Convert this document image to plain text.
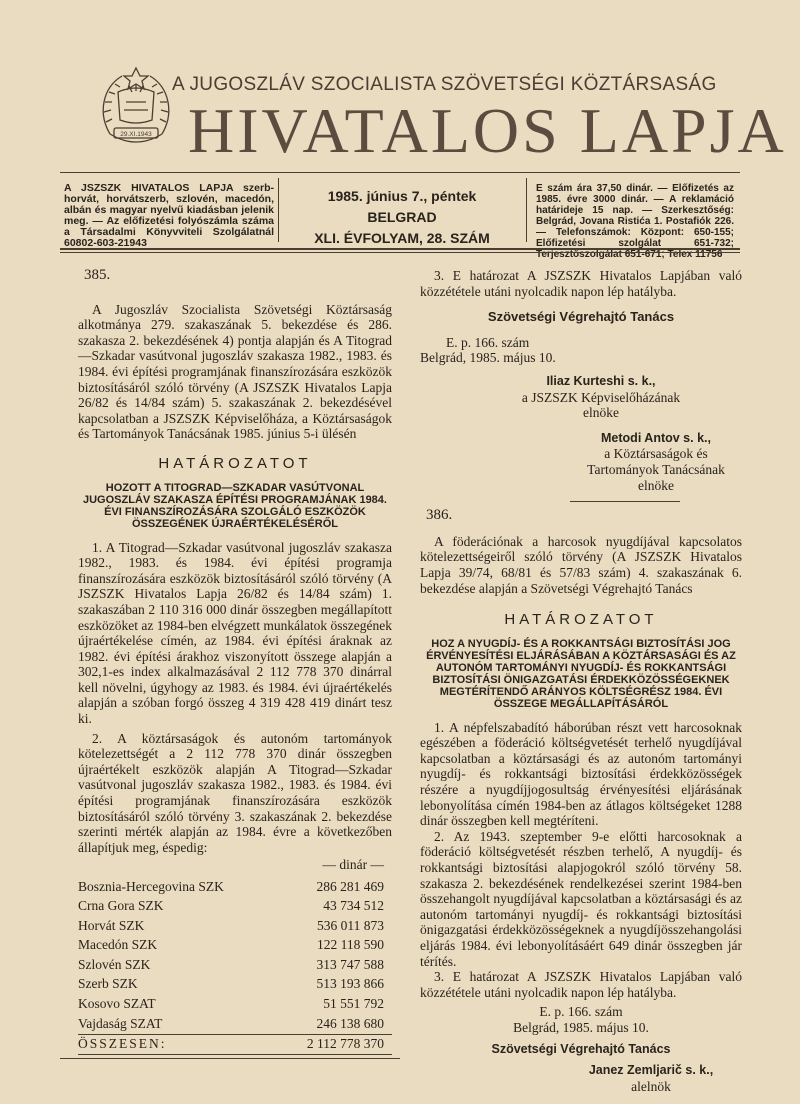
29.XI.1943
A JUGOSZLÁV SZOCIALISTA SZÖVETSÉGI KÖZTÁRSASÁG
HIVATALOS LAPJA
A JSZSZK HIVATALOS LAPJA szerb-horvát, horvátszerb, szlovén, macedón, albán és magyar nyelvű kiadásban jelenik meg. — Az előfizetési folyószámla száma a Társadalmi Könyvviteli Szolgálatnál 60802-603-21943
1985. június 7., péntek
BELGRAD
XLI. ÉVFOLYAM, 28. SZÁM
E szám ára 37,50 dinár. — Előfizetés az 1985. évre 3000 dinár. — A reklamáció határideje 15 nap. — Szerkesztőség: Belgrád, Jovana Ristića 1. Postafiók 226. — Telefonszámok: Központ: 650-155; Előfizetési szolgálat 651-732; Terjesztőszolgálat 651-671; Telex 11756
385.

A Jugoszláv Szocialista Szövetségi Köztársaság alkotmánya 279. szakaszának 5. bekezdése és 286. szakasza 2. bekezdésének 4) pontja alapján és A Titograd—Szkadar vasútvonal jugoszláv szakasza 1982., 1983. és 1984. évi építési programjának finanszírozására eszközök biztosításáról szóló törvény (A JSZSZK Hivatalos Lapja 26/82 és 14/84 szám) 5. szakaszának 2. bekezdésével kapcsolatban a JSZSZK Képviselőháza, a Köztársaságok és Tartományok Tanácsának 1985. június 5-i ülésén

HATÁROZATOT
HOZOTT A TITOGRAD—SZKADAR VASÚTVONAL JUGOSZLÁV SZAKASZA ÉPÍTÉSI PROGRAMJÁNAK 1984. ÉVI FINANSZÍROZÁSÁRA SZOLGÁLÓ ESZKÖZÖK ÖSSZEGÉNEK ÚJRAÉRTÉKELÉSÉRŐL

1. A Titograd—Szkadar vasútvonal jugoszláv szakasza 1982., 1983. és 1984. évi építési programja finanszírozására eszközök biztosításáról szóló törvény (A JSZSZK Hivatalos Lapja 26/82 és 14/84 szám) 1. szakaszában 2 110 316 000 dinár összegben megállapított eszközöket az 1984-ben elvégzett munkálatok összegének újraértékelése címén, az 1984. évi építési áraknak az 1982. évi építési árakhoz viszonyított összege alapján a 302,1-es index alkalmazásával 2 112 778 370 dinárral kell növelni, úgyhogy az 1983. és 1984. évi újraértékelés alapján a szóban forgó összeg 4 319 428 419 dinárt tesz ki.

2. A köztársaságok és autonóm tartományok kötelezettségét a 2 112 778 370 dinár összegben újraértékelt eszközök alapján A Titograd—Szkadar vasútvonal jugoszláv szakasza 1982., 1983. és 1984. évi építési programjának finanszírozására eszközök biztosításáról szóló törvény 3. szakaszának 2. bekezdése szerinti mérték alapján az 1984. évre a következőben állapítjuk meg, éspedig:

— dinár —
Bosznia-Hercegovina SZK	286 281 469
Crna Gora SZK	43 734 512
Horvát SZK	536 011 873
Macedón SZK	122 118 590
Szlovén SZK	313 747 588
Szerb SZK	513 193 866
Kosovo SZAT	51 551 792
Vajdaság SZAT	246 138 680
ÖSSZESEN:	2 112 778 370

3. E határozat A JSZSZK Hivatalos Lapjában való közzététele utáni nyolcadik napon lép hatályba.

Szövetségi Végrehajtó Tanács
E. p. 166. szám
Belgrád, 1985. május 10.
Iliaz Kurteshi s. k.,
a JSZSZK Képviselőházának
elnöke
Metodi Antov s. k.,
a Köztársaságok és
Tartományok Tanácsának
elnöke
386.

A föderációnak a harcosok nyugdíjával kapcsolatos kötelezettségeiről szóló törvény (A JSZSZK Hivatalos Lapja 39/74, 68/81 és 57/83 szám) 4. szakaszának 6. bekezdése alapján a Szövetségi Végrehajtó Tanács

HATÁROZATOT
HOZ A NYUGDÍJ- ÉS A ROKKANTSÁGI BIZTOSÍTÁSI JOG ÉRVÉNYESÍTÉSI ELJÁRÁSÁBAN A KÖZTÁRSASÁGI ÉS AZ AUTONÓM TARTOMÁNYI NYUGDÍJ- ÉS ROKKANTSÁGI BIZTOSÍTÁSI ÖNIGAZGATÁSI ÉRDEKKÖZÖSSÉGEKNEK MEGTÉRÍTENDŐ ARÁNYOS KÖLTSÉGRÉSZ 1984. ÉVI ÖSSZEGE MEGÁLLAPÍTÁSÁRÓL

1. A népfelszabadító háborúban részt vett harcosoknak egészében a föderáció költségvetését terhelő nyugdíjával kapcsolatban a köztársasági és az autonóm tartományi nyugdíj- és rokkantsági biztosítási érdekközösségek részére a nyugdíjjogosultság érvényesítési eljárásának lebonyolítása címén 1984-ben az átlagos költségeket 1288 dinár összegben kell megtéríteni.

2. Az 1943. szeptember 9-e előtti harcosoknak a föderáció költségvetését részben terhelő, A nyugdíj- és rokkantsági biztosítási alapjogokról szóló törvény 58. szakasza 2. bekezdésének rendelkezései szerint 1984-ben összehangolt nyugdíjával kapcsolatban a köztársasági és az autonóm tartományi nyugdíj- és rokkantsági biztosítási önigazgatási érdekközösségeknek a nyugdíjösszehangolási eljárás 1984. évi lebonyolításáért 649 dinár összegben jár térítés.

3. E határozat A JSZSZK Hivatalos Lapjában való közzététele utáni nyolcadik napon lép hatályba.

E. p. 166. szám
Belgrád, 1985. május 10.
Szövetségi Végrehajtó Tanács
Janez Zemljarič s. k.,
alelnök
